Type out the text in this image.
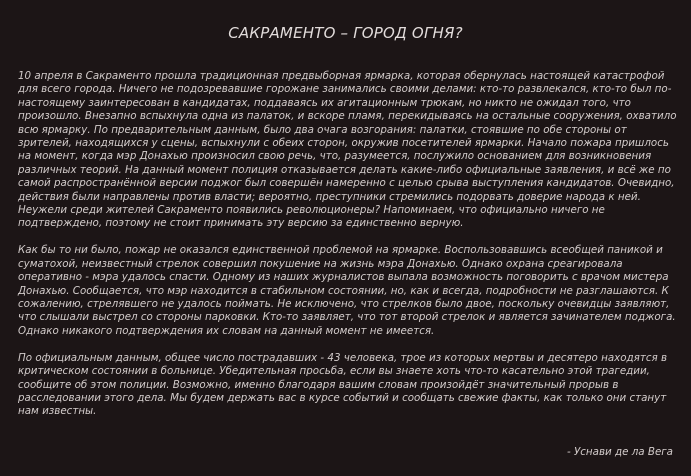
САКРАМЕНТО – ГОРОД ОГНЯ?

10 апреля в Сакраменто прошла традиционная предвыборная ярмарка, которая обернулась настоящей катастрофой для всего города. Ничего не подозревавшие горожане занимались своими делами: кто-то развлекался, кто-то был по-настоящему заинтересован в кандидатах, поддаваясь их агитационным трюкам, но никто не ожидал того, что произошло. Внезапно вспыхнула одна из палаток, и вскоре пламя, перекидываясь на остальные сооружения, охватило всю ярмарку. По предварительным данным, было два очага возгорания: палатки, стоявшие по обе стороны от зрителей, находящихся у сцены, вспыхнули с обеих сторон, окружив посетителей ярмарки. Начало пожара пришлось на момент, когда мэр Донахью произносил свою речь, что, разумеется, послужило основанием для возникновения различных теорий. На данный момент полиция отказывается делать какие-либо официальные заявления, и всё же по самой распространённой версии поджог был совершён намеренно с целью срыва выступления кандидатов. Очевидно, действия были направлены против власти; вероятно, преступники стремились подорвать доверие народа к ней. Неужели среди жителей Сакраменто появились революционеры? Напоминаем, что официально ничего не подтверждено, поэтому не стоит принимать эту версию за единственно верную.

Как бы то ни было, пожар не оказался единственной проблемой на ярмарке. Воспользовавшись всеобщей паникой и суматохой, неизвестный стрелок совершил покушение на жизнь мэра Донахью. Однако охрана среагировала оперативно - мэра удалось спасти. Одному из наших журналистов выпала возможность поговорить с врачом мистера Донахью. Сообщается, что мэр находится в стабильном состоянии, но, как и всегда, подробности не разглашаются. К сожалению, стрелявшего не удалось поймать. Не исключено, что стрелков было двое, поскольку очевидцы заявляют, что слышали выстрел со стороны парковки. Кто-то заявляет, что тот второй стрелок и является зачинателем поджога. Однако никакого подтверждения их словам на данный момент не имеется.

По официальным данным, общее число пострадавших - 43 человека, трое из которых мертвы и десятеро находятся в критическом состоянии в больнице. Убедительная просьба, если вы знаете хоть что-то касательно этой трагедии, сообщите об этом полиции. Возможно, именно благодаря вашим словам произойдёт значительный прорыв в расследовании этого дела. Мы будем держать вас в курсе событий и сообщать свежие факты, как только они станут нам известны.

- Уснави де ла Вега
